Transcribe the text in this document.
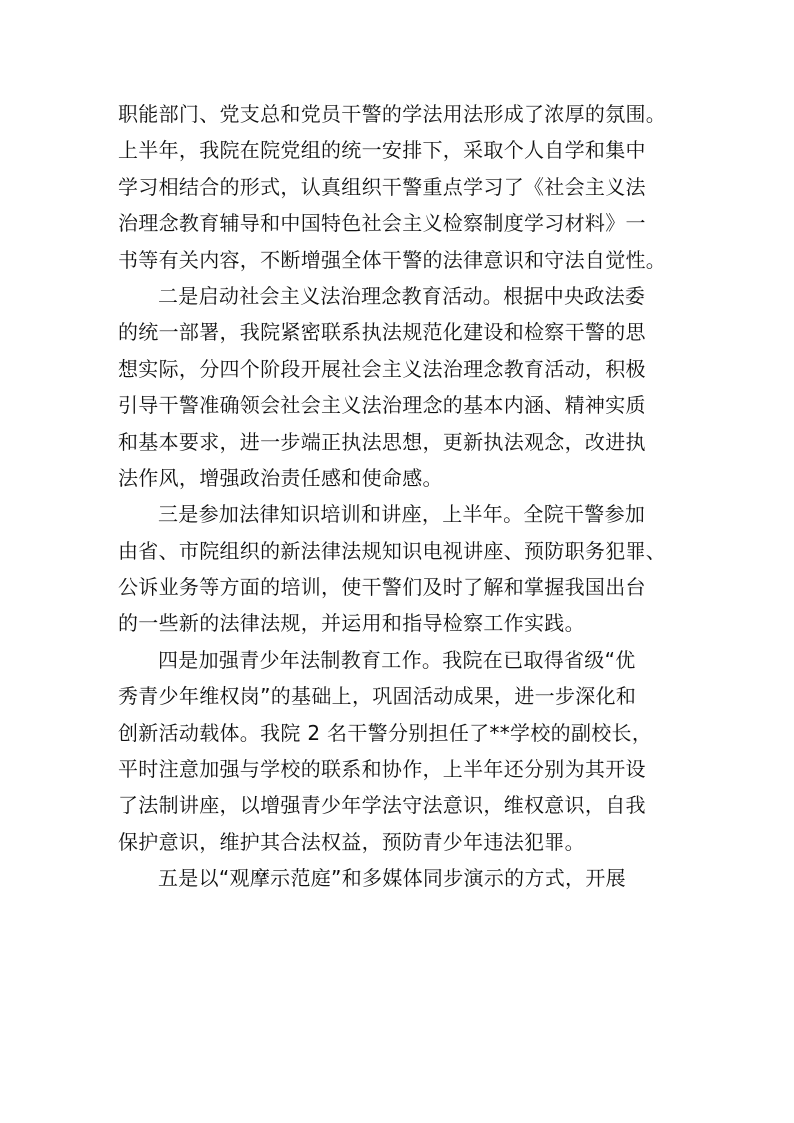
职能部门、党支总和党员干警的学法用法形成了浓厚的氛围。
上半年，我院在院党组的统一安排下，采取个人自学和集中
学习相结合的形式，认真组织干警重点学习了《社会主义法
治理念教育辅导和中国特色社会主义检察制度学习材料》一
书等有关内容，不断增强全体干警的法律意识和守法自觉性。
二是启动社会主义法治理念教育活动。根据中央政法委
的统一部署，我院紧密联系执法规范化建设和检察干警的思
想实际，分四个阶段开展社会主义法治理念教育活动，积极
引导干警准确领会社会主义法治理念的基本内涵、精神实质
和基本要求，进一步端正执法思想，更新执法观念，改进执
法作风，增强政治责任感和使命感。
三是参加法律知识培训和讲座，上半年。全院干警参加
由省、市院组织的新法律法规知识电视讲座、预防职务犯罪、
公诉业务等方面的培训，使干警们及时了解和掌握我国出台
的一些新的法律法规，并运用和指导检察工作实践。
四是加强青少年法制教育工作。我院在已取得省级“优
秀青少年维权岗”的基础上，巩固活动成果，进一步深化和
创新活动载体。我院 2 名干警分别担任了**学校的副校长，
平时注意加强与学校的联系和协作，上半年还分别为其开设
了法制讲座，以增强青少年学法守法意识，维权意识，自我
保护意识，维护其合法权益，预防青少年违法犯罪。
五是以“观摩示范庭”和多媒体同步演示的方式，开展
